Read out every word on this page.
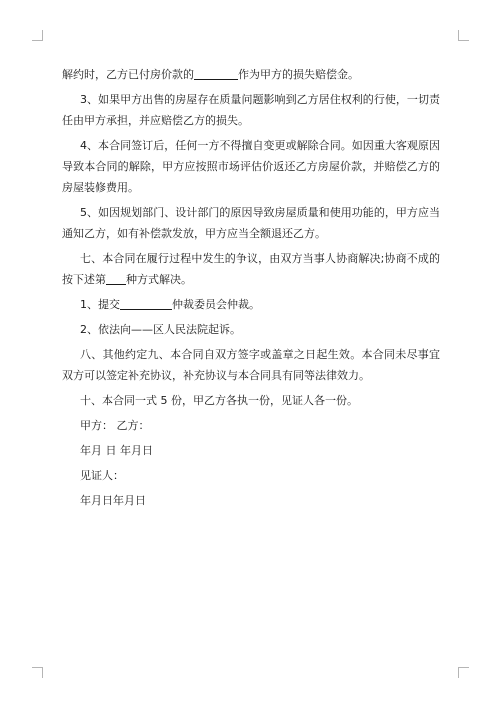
解约时，乙方已付房价款的	作为甲方的损失赔偿金。

3、如果甲方出售的房屋存在质量问题影响到乙方居住权利的行使，一切责任由甲方承担，并应赔偿乙方的损失。

4、本合同签订后，任何一方不得擅自变更或解除合同。如因重大客观原因导致本合同的解除，甲方应按照市场评估价返还乙方房屋价款，并赔偿乙方的房屋装修费用。

5、如因规划部门、设计部门的原因导致房屋质量和使用功能的，甲方应当通知乙方，如有补偿款发放，甲方应当全额退还乙方。

七、本合同在履行过程中发生的争议，由双方当事人协商解决;协商不成的按下述第 种方式解决。

1、提交	仲裁委员会仲裁。

2、依法向——区人民法院起诉。

八、其他约定九、本合同自双方签字或盖章之日起生效。本合同未尽事宜双方可以签定补充协议，补充协议与本合同具有同等法律效力。

十、本合同一式 5 份，甲乙方各执一份，见证人各一份。

甲方： 乙方：

年月 日 年月日

见证人：

年月日年月日
